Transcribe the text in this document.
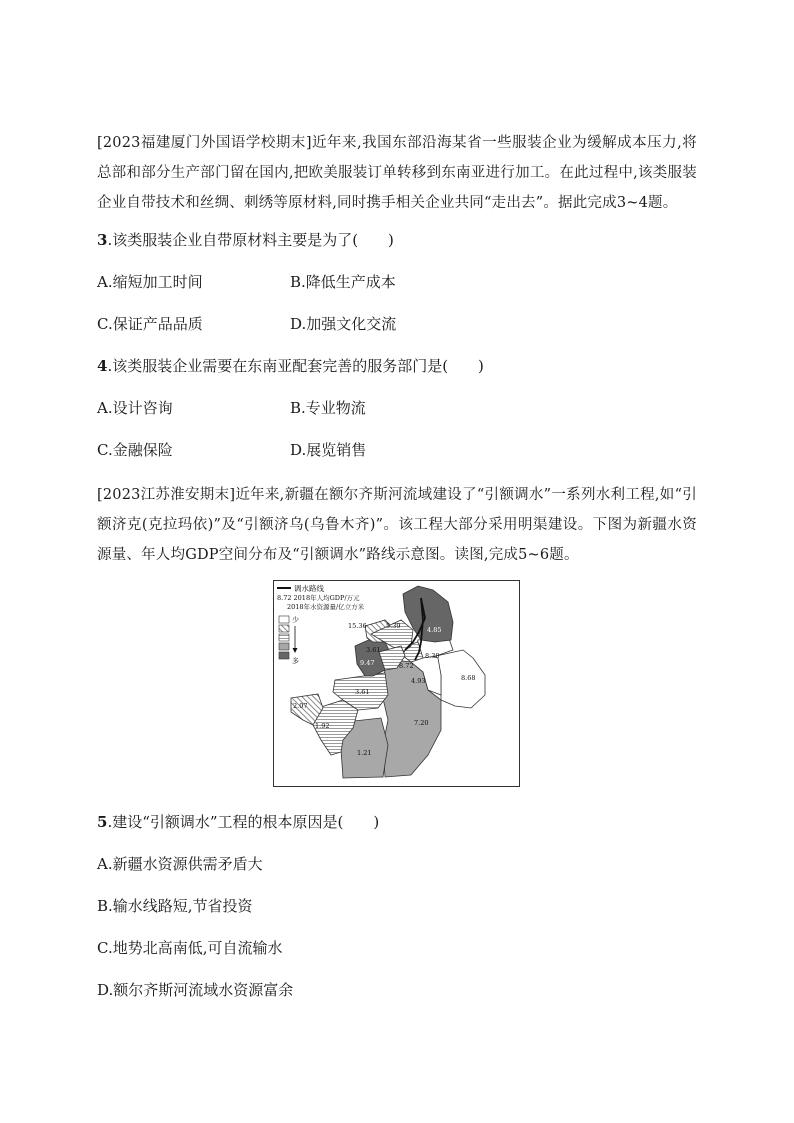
[2023福建厦门外国语学校期末]近年来,我国东部沿海某省一些服装企业为缓解成本压力,将总部和部分生产部门留在国内,把欧美服装订单转移到东南亚进行加工。在此过程中,该类服装企业自带技术和丝绸、刺绣等原材料,同时携手相关企业共同“走出去”。据此完成3~4题。
3.该类服装企业自带原材料主要是为了(　　)
A.缩短加工时间	B.降低生产成本
C.保证产品品质	D.加强文化交流
4.该类服装企业需要在东南亚配套完善的服务部门是(　　)
A.设计咨询	B.专业物流
C.金融保险	D.展览销售
[2023江苏淮安期末]近年来,新疆在额尔齐斯河流域建设了“引额调水”一系列水利工程,如“引额济克(克拉玛依)”及“引额济乌(乌鲁木齐)”。该工程大部分采用明渠建设。下图为新疆水资源量、年人均GDP空间分布及“引额调水”路线示意图。读图,完成5~6题。
调水路线
8.72 2018年人均GDP/万元
2018年水资源量/亿立方米
少
多
15.36	5.39	4.85
3.61
9.47	8.72
8.30
4.93	8.68
3.61
2.07
1.92	7.20
1.21
5.建设“引额调水”工程的根本原因是(　　)
A.新疆水资源供需矛盾大
B.输水线路短,节省投资
C.地势北高南低,可自流输水
D.额尔齐斯河流域水资源富余
